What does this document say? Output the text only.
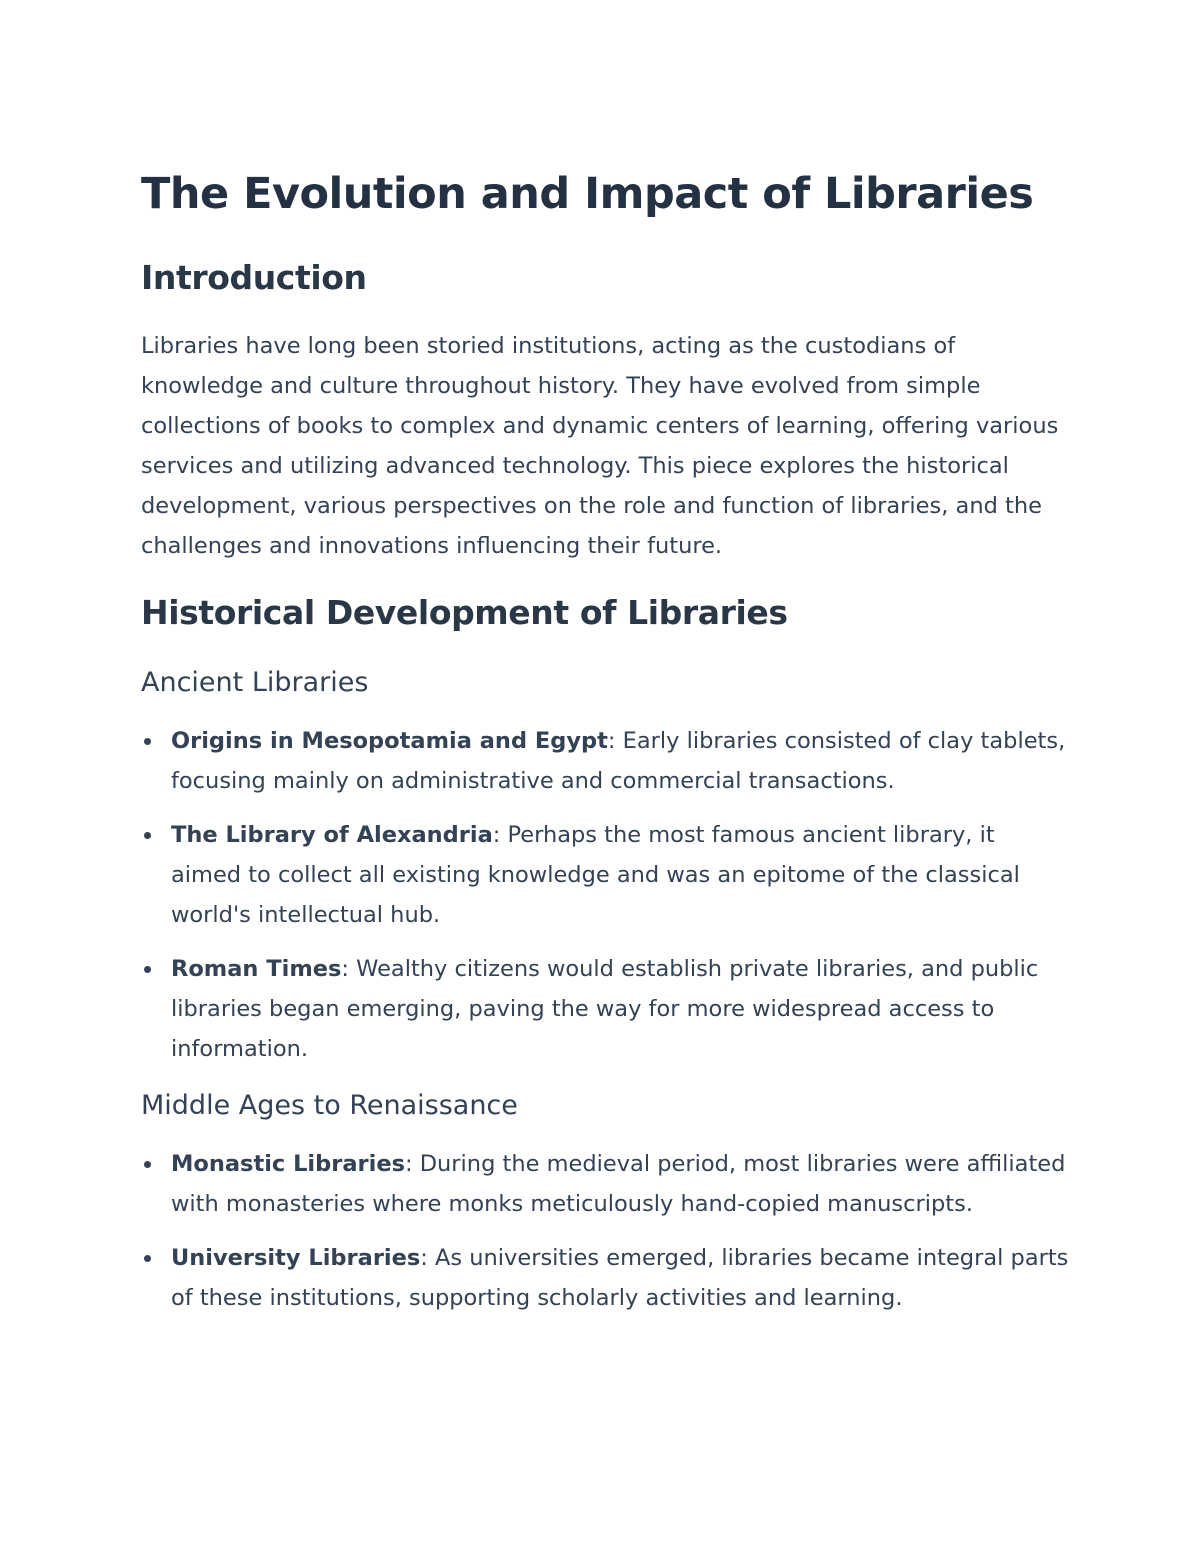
The Evolution and Impact of Libraries
Introduction

Libraries have long been storied institutions, acting as the custodians of knowledge and culture throughout history. They have evolved from simple collections of books to complex and dynamic centers of learning, offering various services and utilizing advanced technology. This piece explores the historical development, various perspectives on the role and function of libraries, and the challenges and innovations influencing their future.

Historical Development of Libraries
Ancient Libraries
Origins in Mesopotamia and Egypt: Early libraries consisted of clay tablets, focusing mainly on administrative and commercial transactions.
The Library of Alexandria: Perhaps the most famous ancient library, it aimed to collect all existing knowledge and was an epitome of the classical world's intellectual hub.
Roman Times: Wealthy citizens would establish private libraries, and public libraries began emerging, paving the way for more widespread access to information.
Middle Ages to Renaissance
Monastic Libraries: During the medieval period, most libraries were affiliated with monasteries where monks meticulously hand-copied manuscripts.
University Libraries: As universities emerged, libraries became integral parts of these institutions, supporting scholarly activities and learning.
